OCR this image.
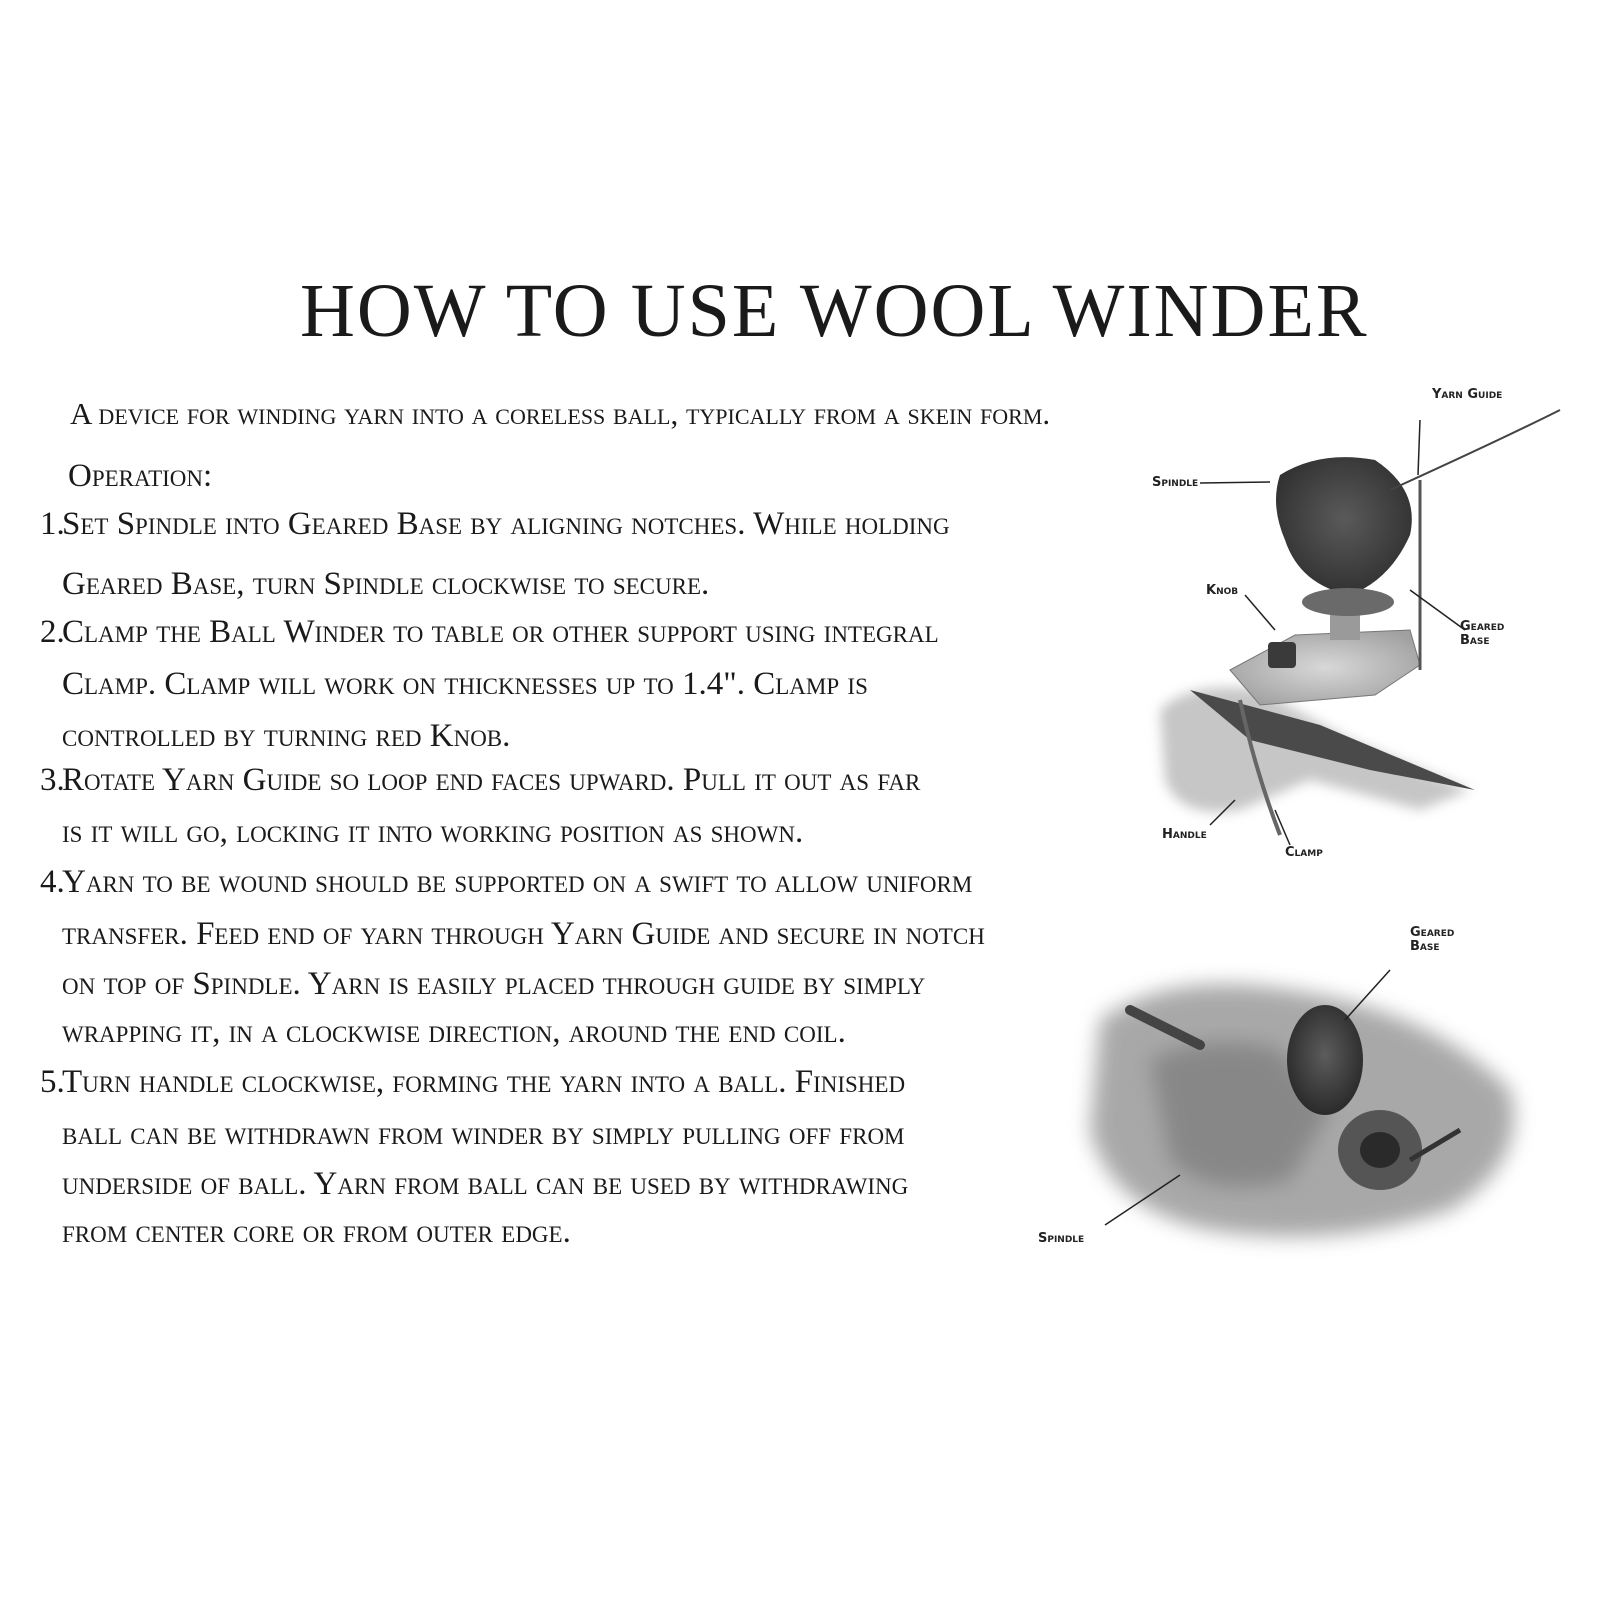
HOW TO USE WOOL WINDER
A device for winding yarn into a coreless ball, typically from a skein form.
Operation:
1.
Set Spindle into Geared Base by aligning notches. While holding
Geared Base, turn Spindle clockwise to secure.
2.
Clamp the Ball Winder to table or other support using integral
Clamp. Clamp will work on thicknesses up to 1.4". Clamp is
controlled by turning red Knob.
3.
Rotate Yarn Guide so loop end faces upward. Pull it out as far
is it will go, locking it into working position as shown.
4.
Yarn to be wound should be supported on a swift to allow uniform
transfer. Feed end of yarn through Yarn Guide and secure in notch
on top of Spindle. Yarn is easily placed through guide by simply
wrapping it, in a clockwise direction, around the end coil.
5.
Turn handle clockwise, forming the yarn into a ball. Finished
ball can be withdrawn from winder by simply pulling off from
underside of ball. Yarn from ball can be used by withdrawing
from center core or from outer edge.
Yarn Guide
Spindle
Knob
Geared Base
Handle
Clamp
Geared Base
Spindle
